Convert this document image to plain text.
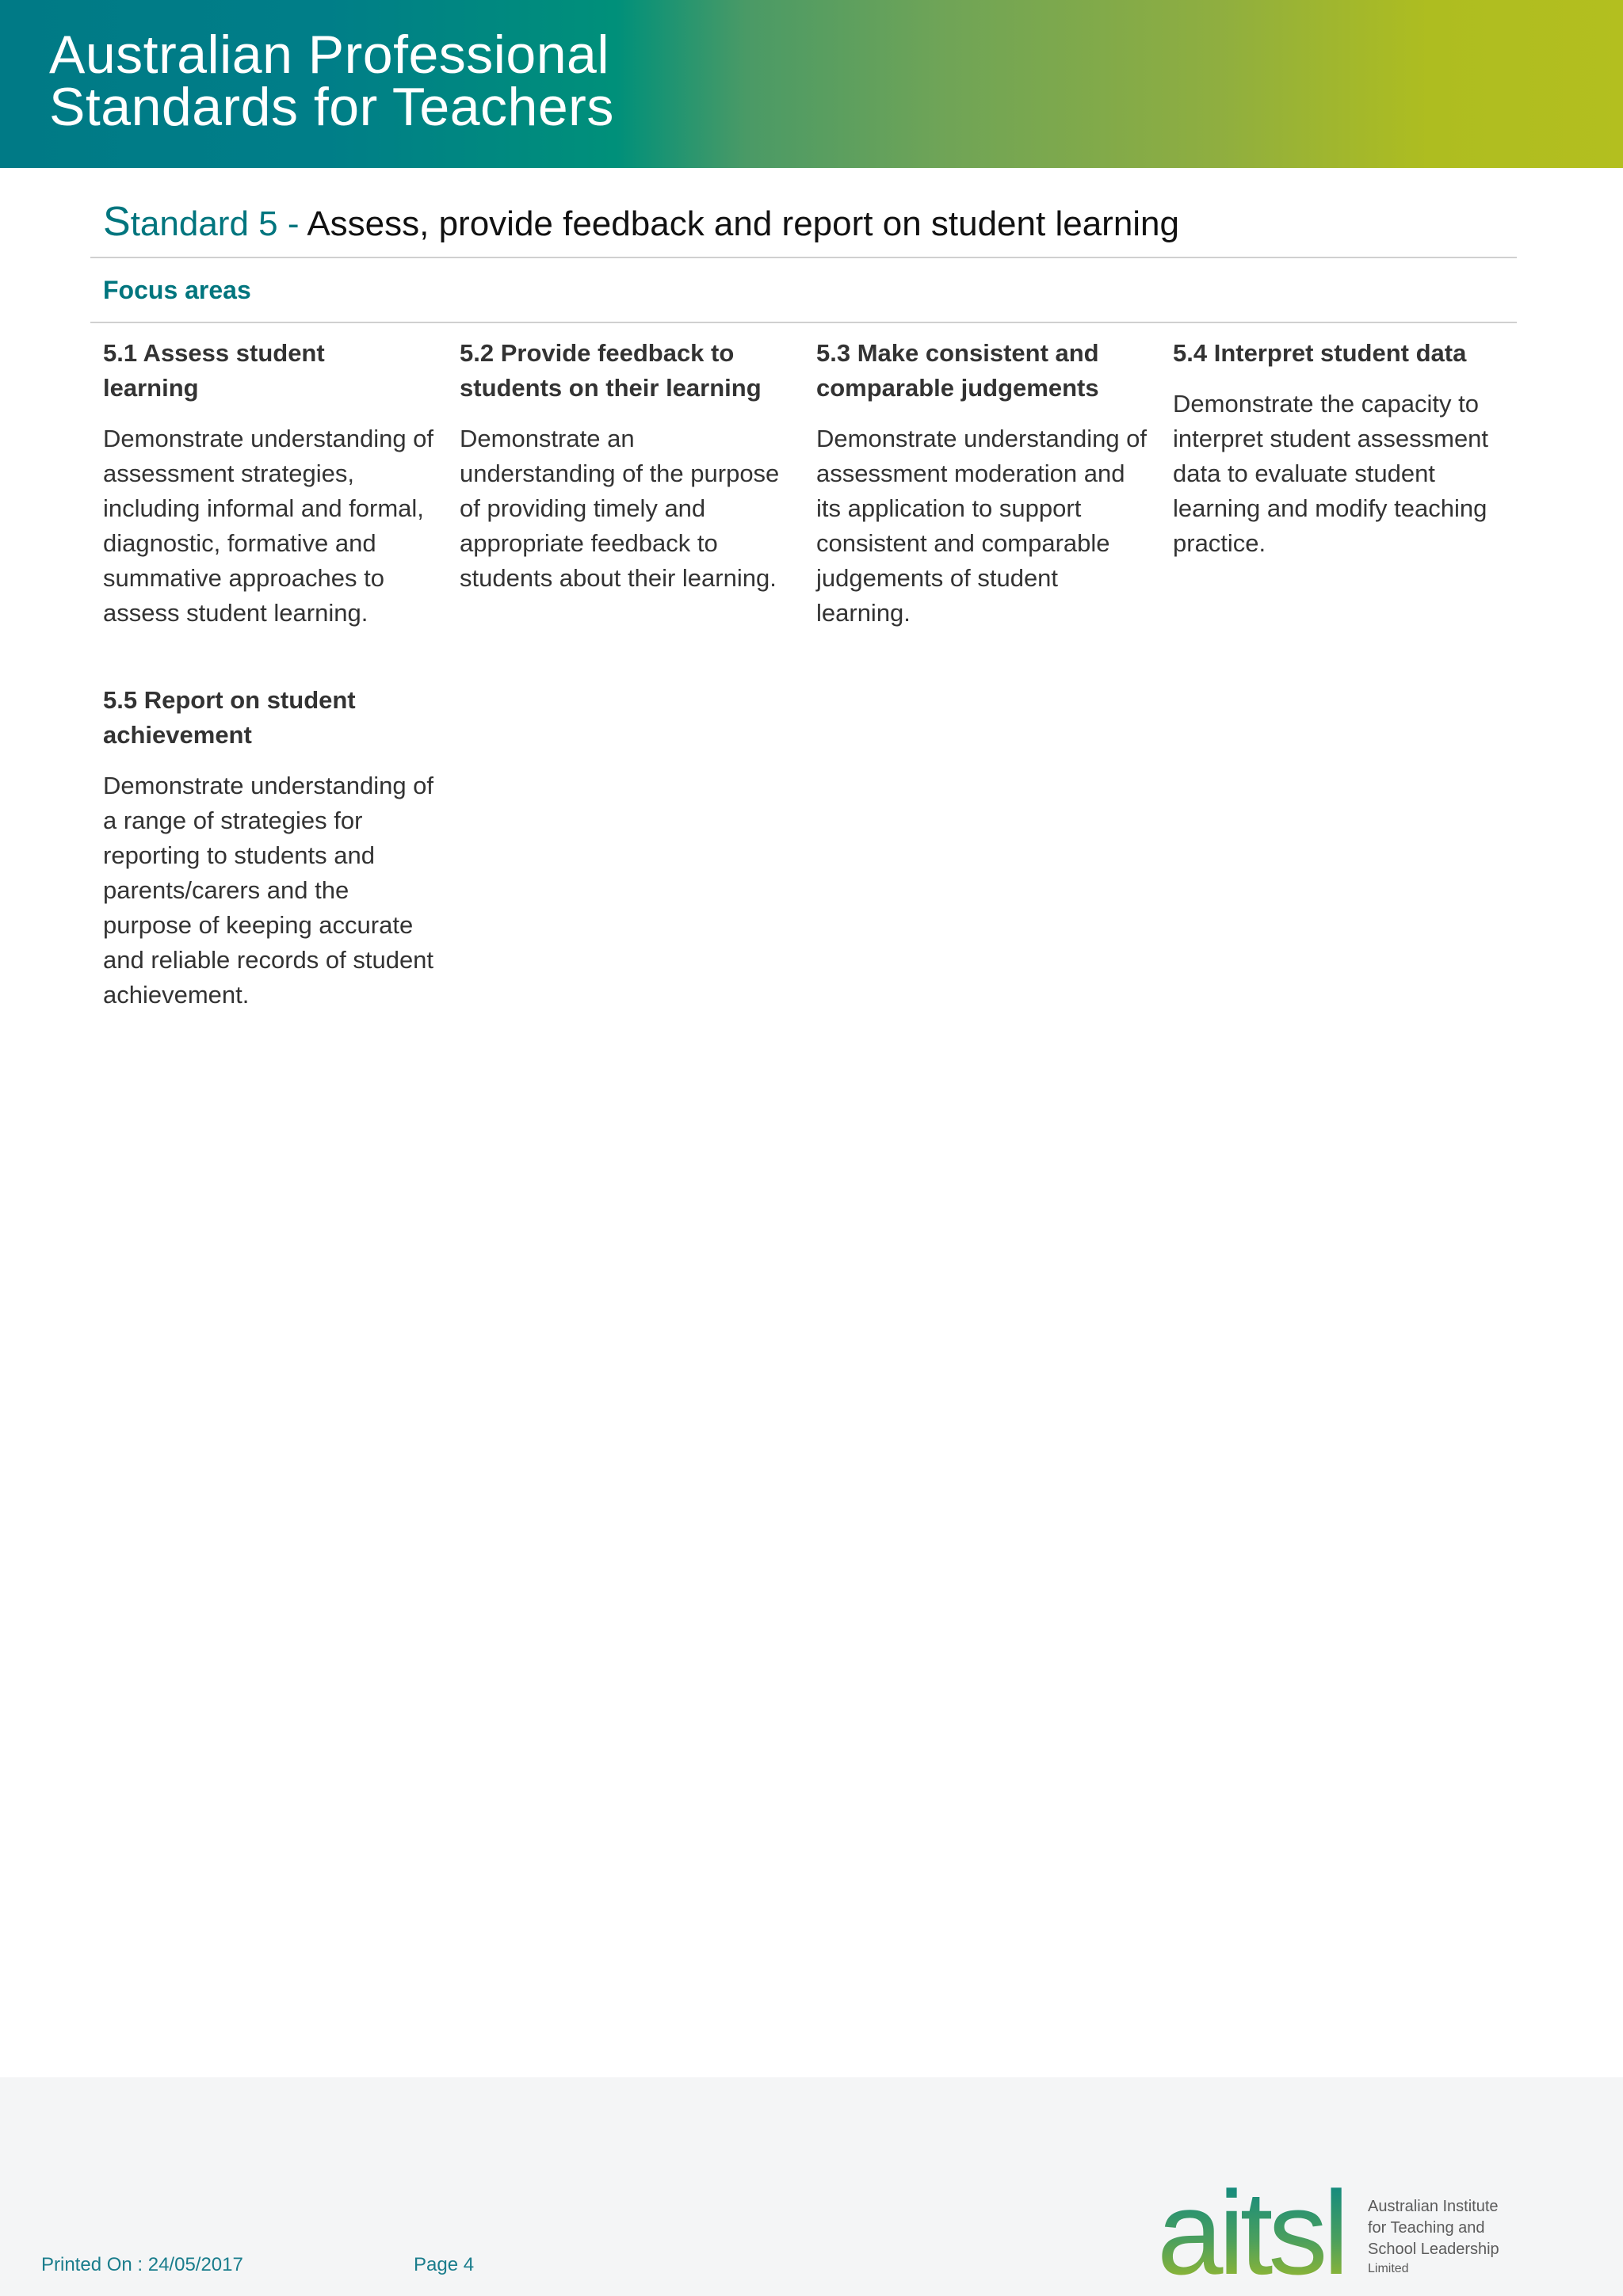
Australian Professional
Standards for Teachers
Standard 5 - Assess, provide feedback and report on student learning
Focus areas
5.1 Assess student
learning
Demonstrate understanding of
assessment strategies,
including informal and formal,
diagnostic, formative and
summative approaches to
assess student learning.
5.2 Provide feedback to
students on their learning
Demonstrate an
understanding of the purpose
of providing timely and
appropriate feedback to
students about their learning.
5.3 Make consistent and
comparable judgements
Demonstrate understanding of
assessment moderation and
its application to support
consistent and comparable
judgements of student
learning.
5.4 Interpret student data
Demonstrate the capacity to
interpret student assessment
data to evaluate student
learning and modify teaching
practice.
5.5 Report on student
achievement
Demonstrate understanding of
a range of strategies for
reporting to students and
parents/carers and the
purpose of keeping accurate
and reliable records of student
achievement.
Printed On : 24/05/2017	Page 4	aitsl Australian Institute
for Teaching and
School Leadership
Limited
